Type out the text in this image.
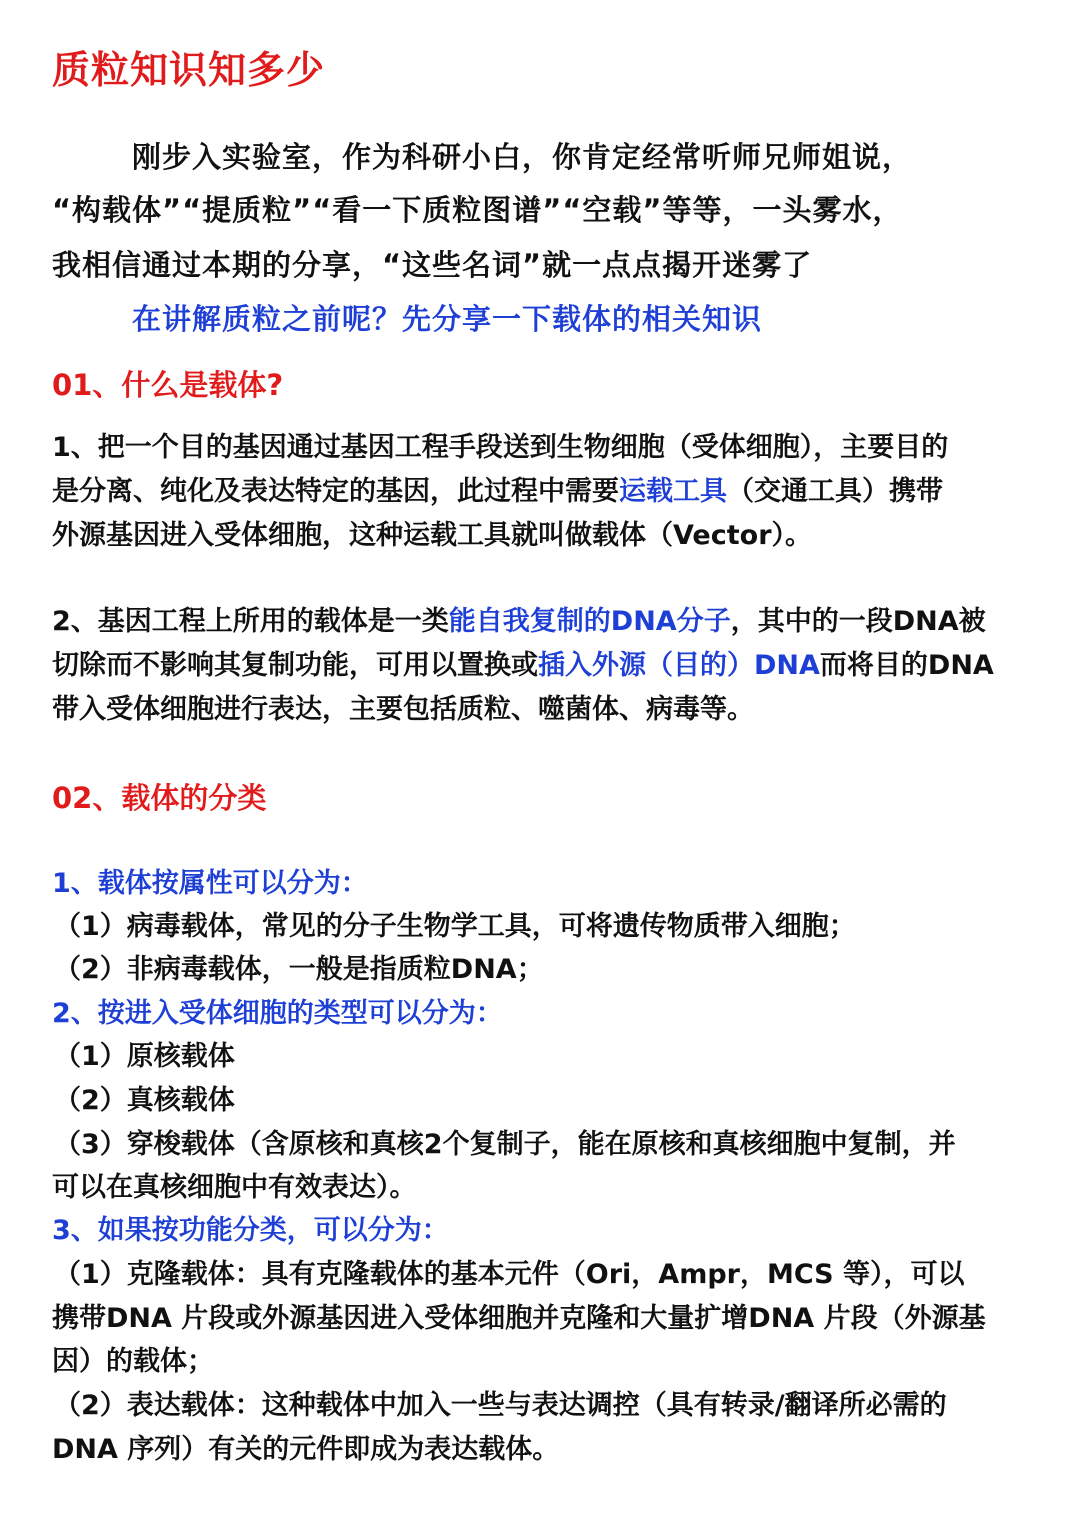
质粒知识知多少
刚步入实验室，作为科研小白，你肯定经常听师兄师姐说，
“构载体”“提质粒”“看一下质粒图谱”“空载”等等，一头雾水，
我相信通过本期的分享，“这些名词”就一点点揭开迷雾了
在讲解质粒之前呢？先分享一下载体的相关知识
01、什么是载体?
1、把一个目的基因通过基因工程手段送到生物细胞（受体细胞），主要目的
是分离、纯化及表达特定的基因，此过程中需要运载工具（交通工具）携带
外源基因进入受体细胞，这种运载工具就叫做载体（Vector）。
2、基因工程上所用的载体是一类能自我复制的DNA分子，其中的一段DNA被
切除而不影响其复制功能，可用以置换或插入外源（目的）DNA而将目的DNA
带入受体细胞进行表达，主要包括质粒、噬菌体、病毒等。
02、载体的分类
1、载体按属性可以分为：
（1）病毒载体，常见的分子生物学工具，可将遗传物质带入细胞；
（2）非病毒载体，一般是指质粒DNA；
2、按进入受体细胞的类型可以分为：
（1）原核载体
（2）真核载体
（3）穿梭载体（含原核和真核2个复制子，能在原核和真核细胞中复制，并
可以在真核细胞中有效表达）。
3、如果按功能分类，可以分为：
（1）克隆载体：具有克隆载体的基本元件（Ori，Ampr，MCS 等），可以
携带DNA 片段或外源基因进入受体细胞并克隆和大量扩增DNA 片段（外源基
因）的载体；
（2）表达载体：这种载体中加入一些与表达调控（具有转录/翻译所必需的
DNA 序列）有关的元件即成为表达载体。
